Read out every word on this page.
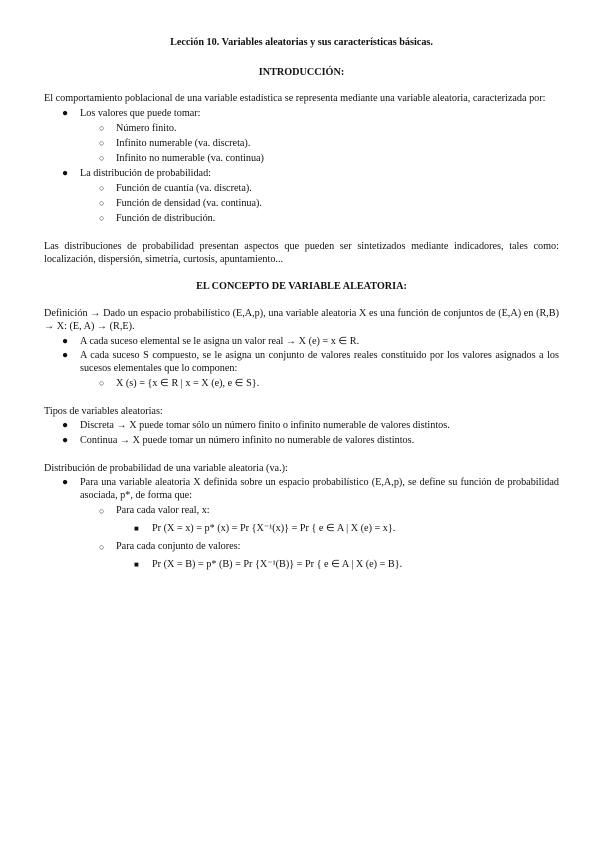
Lección 10. Variables aleatorias y sus características básicas.

INTRODUCCIÓN:

El comportamiento poblacional de una variable estadística se representa mediante una variable aleatoria, caracterizada por:

● Los valores que puede tomar:
○ Número finito.
○ Infinito numerable (va. discreta).
○ Infinito no numerable (va. continua)
● La distribución de probabilidad:
○ Función de cuantía (va. discreta).
○ Función de densidad (va. continua).
○ Función de distribución.

Las distribuciones de probabilidad presentan aspectos que pueden ser sintetizados mediante indicadores, tales como: localización, dispersión, simetría, curtosis, apuntamiento...

EL CONCEPTO DE VARIABLE ALEATORIA:

Definición → Dado un espacio probabilístico (E,A,p), una variable aleatoria X es una función de conjuntos de (E,A) en (R,B) → X: (E, A) → (R,E).

● A cada suceso elemental se le asigna un valor real → X (e) = x ∈ R.
● A cada suceso S compuesto, se le asigna un conjunto de valores reales constituido por los valores asignados a los sucesos elementales que lo componen:
○ X (s) = {x ∈ R | x = X (e), e ∈ S}.

Tipos de variables aleatorias:

● Discreta → X puede tomar sólo un número finito o infinito numerable de valores distintos.
● Continua → X puede tomar un número infinito no numerable de valores distintos.

Distribución de probabilidad de una variable aleatoria (va.):

● Para una variable aleatoria X definida sobre un espacio probabilístico (E,A,p), se define su función de probabilidad asociada, p*, de forma que:
○ Para cada valor real, x:
■ Pr (X = x) = p* (x) = Pr {X⁻¹(x)} = Pr { e ∈ A | X (e) = x}.
○ Para cada conjunto de valores:
■ Pr (X = B) = p* (B) = Pr {X⁻¹(B)} = Pr { e ∈ A | X (e) = B}.
